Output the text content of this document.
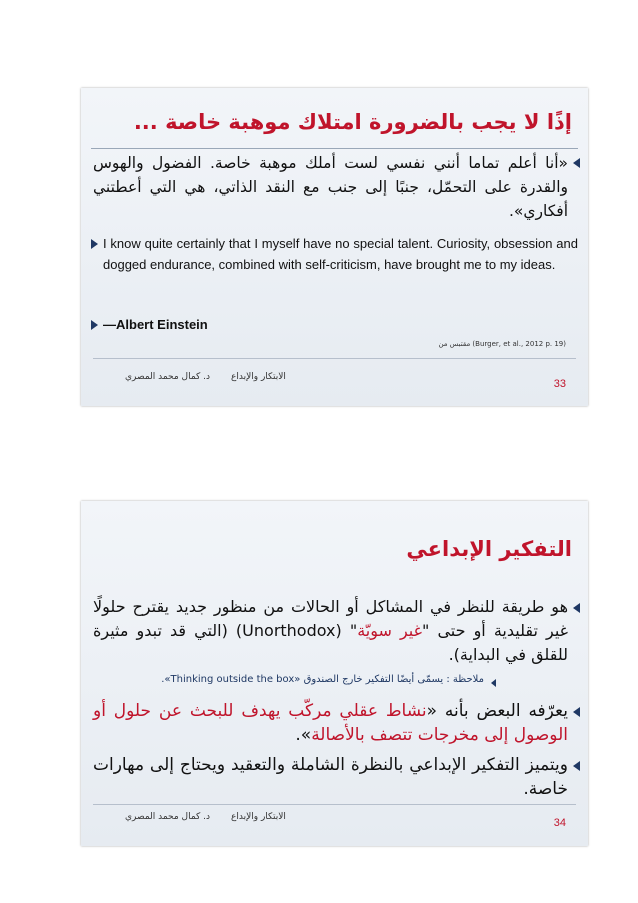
إذًا لا يجب بالضرورة امتلاك موهبة خاصة ...
«أنا أعلم تماما أنني نفسي لست أملك موهبة خاصة. الفضول والهوس والقدرة على التحمّل، جنبًا إلى جنب مع النقد الذاتي، هي التي أعطتني أفكاري».
I know quite certainly that I myself have no special talent. Curiosity, obsession and dogged endurance, combined with self-criticism, have brought me to my ideas.
—Albert Einstein
مقتبس من (Burger, et al., 2012 p. 19)
د. كمال محمد المصري الابتكار والإبداع
33
التفكير الإبداعي
هو طريقة للنظر في المشاكل أو الحالات من منظور جديد يقترح حلولًا غير تقليدية أو حتى "غير سويّة" (Unorthodox) (التي قد تبدو مثيرة للقلق في البداية).
ملاحظة : يسمّى أيضًا التفكير خارج الصندوق «Thinking outside the box».
يعرّفه البعض بأنه «نشاط عقلي مركّب يهدف للبحث عن حلول أو الوصول إلى مخرجات تتصف بالأصالة».
ويتميز التفكير الإبداعي بالنظرة الشاملة والتعقيد ويحتاج إلى مهارات خاصة.
د. كمال محمد المصري الابتكار والإبداع	34
